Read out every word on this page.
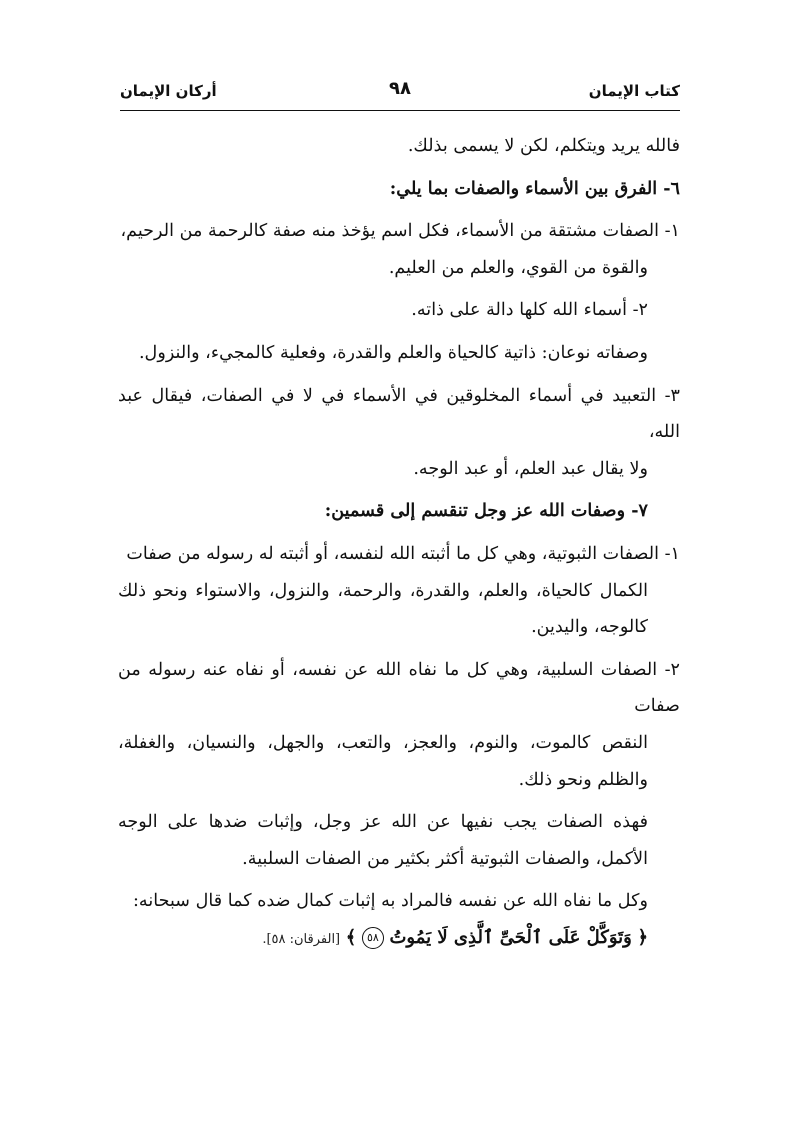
كتاب الإيمان
٩٨
أركان الإيمان

فالله يريد ويتكلم، لكن لا يسمى بذلك.

٦- الفرق بين الأسماء والصفات بما يلي:

١- الصفات مشتقة من الأسماء، فكل اسم يؤخذ منه صفة كالرحمة من الرحيم،

والقوة من القوي، والعلم من العليم.

٢- أسماء الله كلها دالة على ذاته.

وصفاته نوعان: ذاتية كالحياة والعلم والقدرة، وفعلية كالمجيء، والنزول.

٣- التعبيد في أسماء المخلوقين في الأسماء في لا في الصفات، فيقال عبد الله،

ولا يقال عبد العلم، أو عبد الوجه.

٧- وصفات الله عز وجل تنقسم إلى قسمين:

١- الصفات الثبوتية، وهي كل ما أثبته الله لنفسه، أو أثبته له رسوله من صفات

الكمال كالحياة، والعلم، والقدرة، والرحمة، والنزول، والاستواء ونحو ذلك كالوجه، واليدين.

٢- الصفات السلبية، وهي كل ما نفاه الله عن نفسه، أو نفاه عنه رسوله من صفات

النقص كالموت، والنوم، والعجز، والتعب، والجهل، والنسيان، والغفلة، والظلم ونحو ذلك.

فهذه الصفات يجب نفيها عن الله عز وجل، وإثبات ضدها على الوجه الأكمل، والصفات الثبوتية أكثر بكثير من الصفات السلبية.

وكل ما نفاه الله عن نفسه فالمراد به إثبات كمال ضده كما قال سبحانه:

﴿ وَتَوَكَّلْ عَلَى ٱلْحَىِّ ٱلَّذِى لَا يَمُوتُ ٥٨ ﴾ [الفرقان: ٥٨].
